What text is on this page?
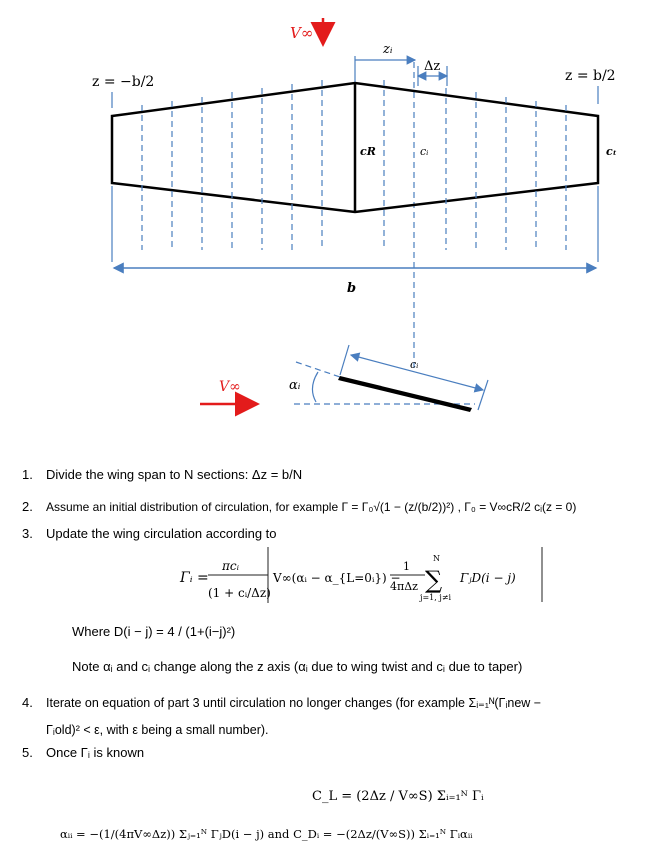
V∞
zᵢ
Δz
z = −b/2	z = b/2
cR	cᵢ	cₜ
b
cᵢ
αᵢ
V∞
1. Divide the wing span to N sections: Δz = b/N
2. Assume an initial distribution of circulation, for example Γ = Γ₀√(1 − (z/(b/2))²) , Γ₀ = V∞cR/2 cᵢ(z = 0)
3. Update the wing circulation according to
Γᵢ =
πcᵢ
(1 + cᵢ/Δz)
V∞(αᵢ − α_{L=0ᵢ}) −
1
4πΔz
N
∑
j=1, j≠i
ΓⱼD(i − j)
Where D(i − j) = 4 / (1+(i−j)²)
Note αᵢ and cᵢ change along the z axis (αᵢ due to wing twist and cᵢ due to taper)
4. Iterate on equation of part 3 until circulation no longer changes (for example Σᵢ₌₁ᴺ(Γᵢnew −
Γᵢold)² < ε, with ε being a small number).
5. Once Γᵢ is known
C_L = (2Δz / V∞S) Σᵢ₌₁ᴺ Γᵢ
αᵢᵢ = −(1/(4πV∞Δz)) Σⱼ₌₁ᴺ ΓⱼD(i − j) and C_Dᵢ = −(2Δz/(V∞S)) Σᵢ₌₁ᴺ Γᵢαᵢᵢ
